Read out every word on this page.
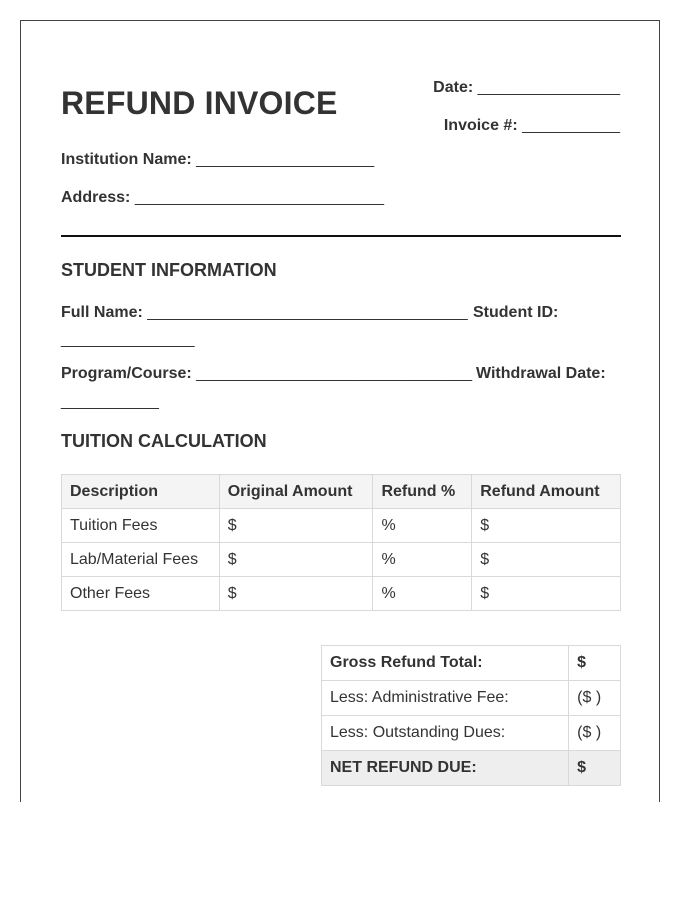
REFUND INVOICE	Date: ________________
Invoice #: ___________
Institution Name: ____________________
Address: ____________________________
STUDENT INFORMATION
Full Name: ____________________________________ Student ID:
_______________
Program/Course: _______________________________ Withdrawal Date:
___________
TUITION CALCULATION
Description	Original Amount	Refund %	Refund Amount
Tuition Fees	$	%	$
Lab/Material Fees	$	%	$
Other Fees	$	%	$
Gross Refund Total:	$
Less: Administrative Fee:	($ )
Less: Outstanding Dues:	($ )
NET REFUND DUE:	$
